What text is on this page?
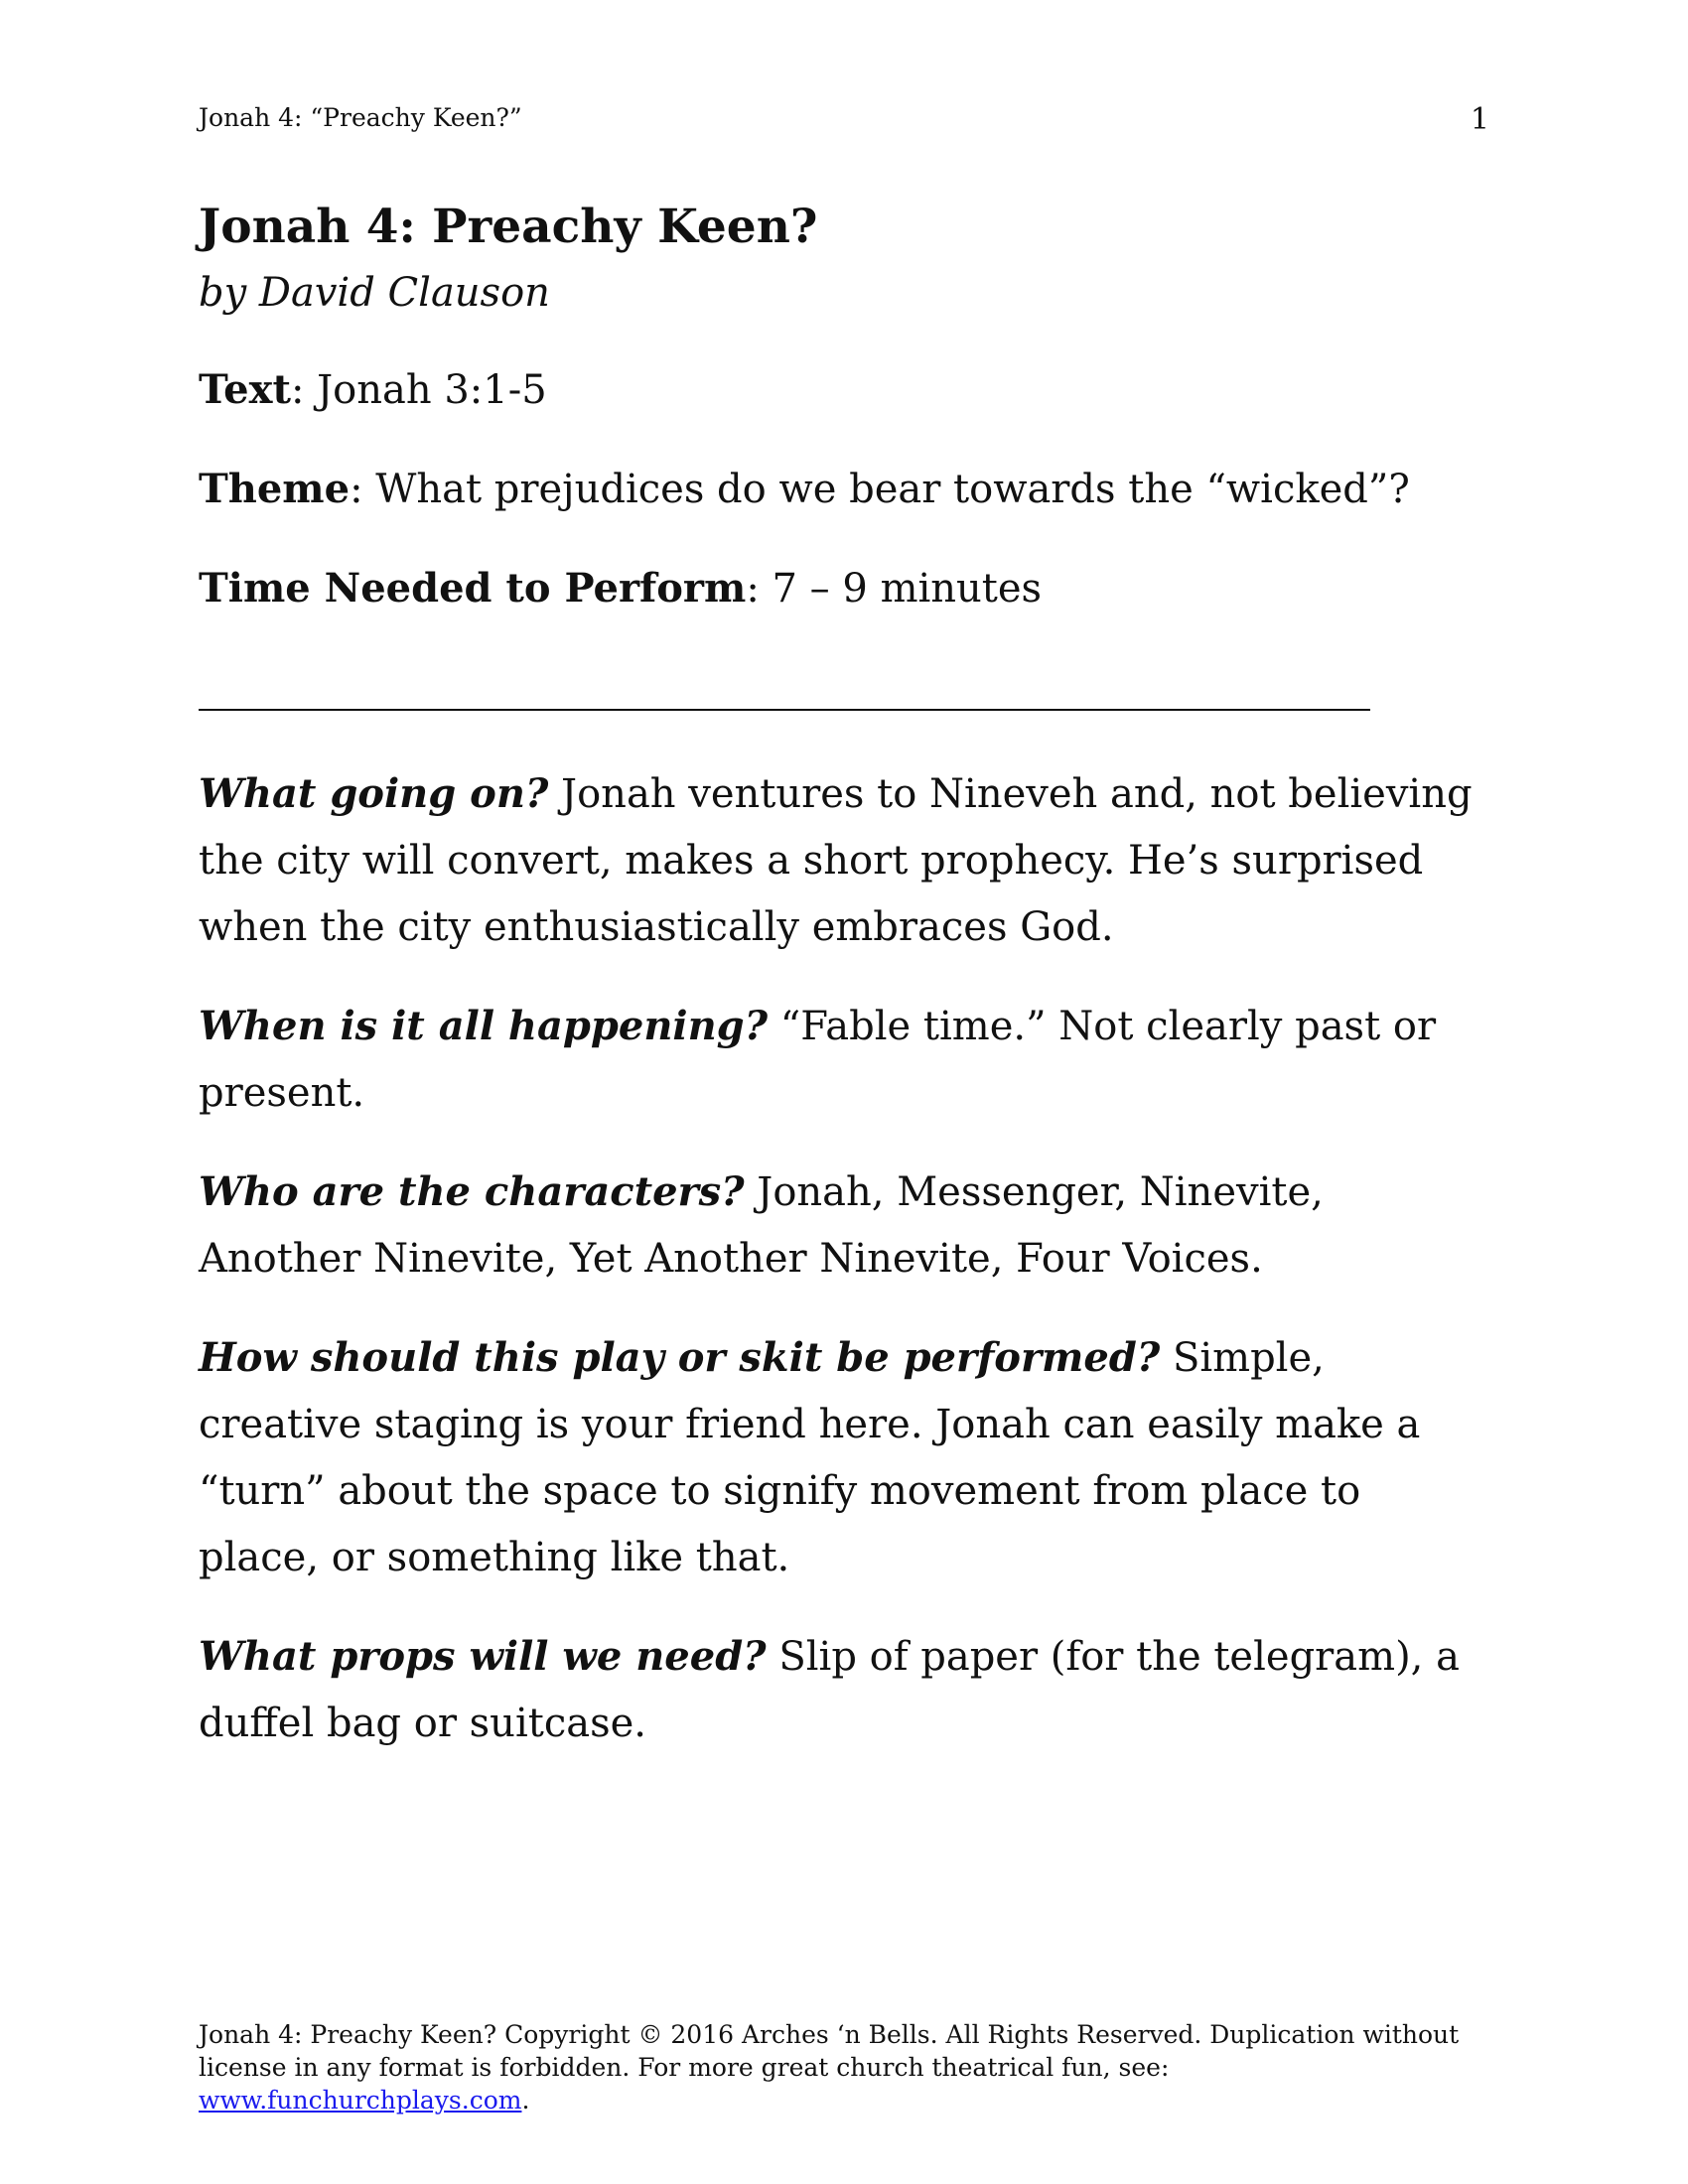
Jonah 4: “Preachy Keen?”	1
Jonah 4: Preachy Keen?

by David Clauson

Text: Jonah 3:1-5

Theme: What prejudices do we bear towards the “wicked”?

Time Needed to Perform: 7 – 9 minutes

What going on? Jonah ventures to Nineveh and, not believing the city will convert, makes a short prophecy. He’s surprised when the city enthusiastically embraces God.

When is it all happening? “Fable time.” Not clearly past or present.

Who are the characters? Jonah, Messenger, Ninevite, Another Ninevite, Yet Another Ninevite, Four Voices.

How should this play or skit be performed? Simple, creative staging is your friend here. Jonah can easily make a “turn” about the space to signify movement from place to place, or something like that.

What props will we need? Slip of paper (for the telegram), a duffel bag or suitcase.

Jonah 4: Preachy Keen? Copyright © 2016 Arches ‘n Bells. All Rights Reserved. Duplication without license in any format is forbidden. For more great church theatrical fun, see: www.funchurchplays.com.
